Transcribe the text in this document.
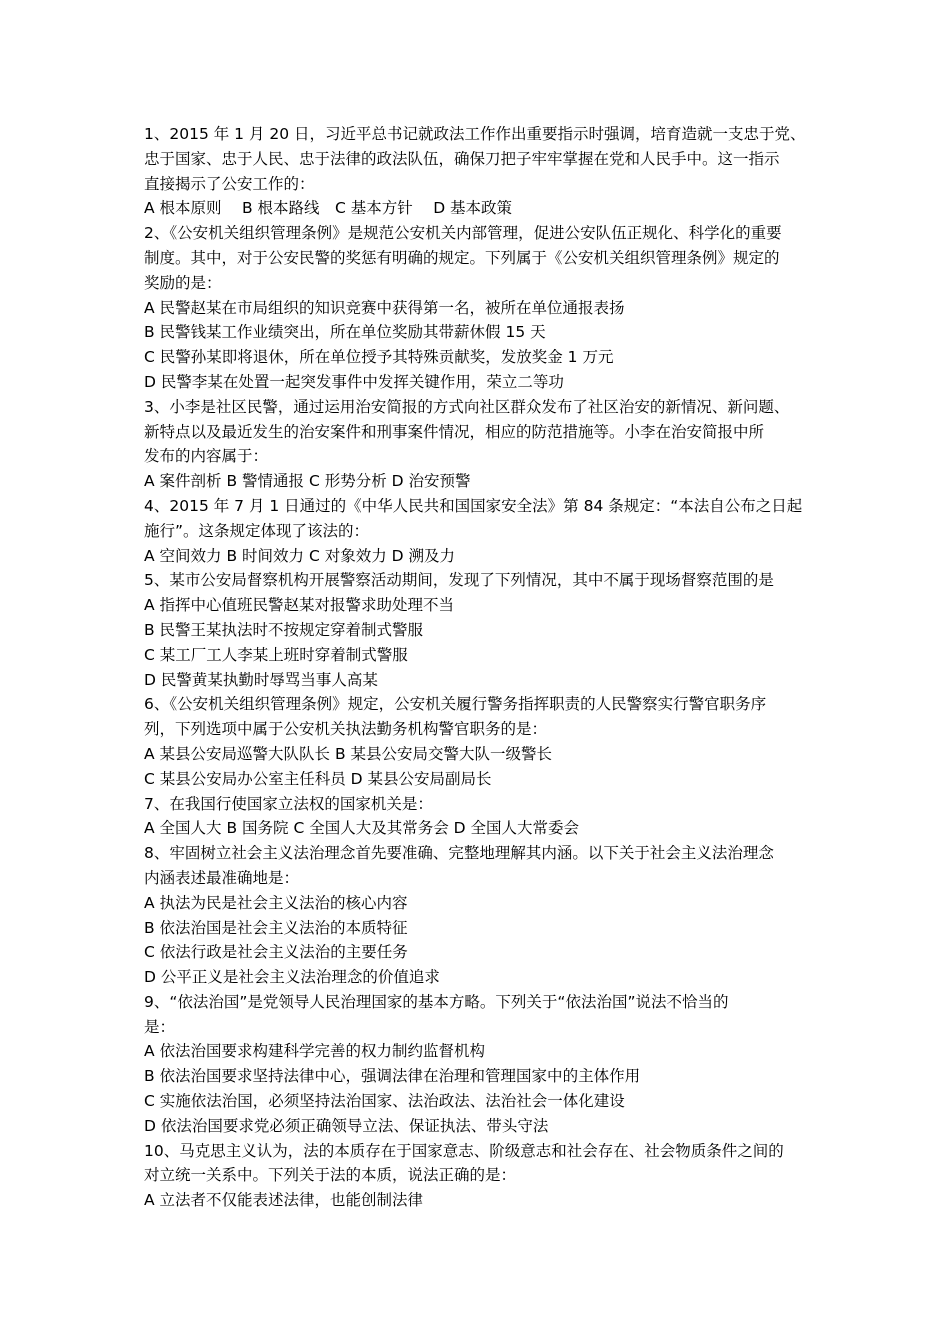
1、2015 年 1 月 20 日，习近平总书记就政法工作作出重要指示时强调，培育造就一支忠于党、
忠于国家、忠于人民、忠于法律的政法队伍，确保刀把子牢牢掌握在党和人民手中。这一指示
直接揭示了公安工作的：
A 根本原则　 B 根本路线　C 基本方针　 D 基本政策
2、《公安机关组织管理条例》是规范公安机关内部管理，促进公安队伍正规化、科学化的重要
制度。其中，对于公安民警的奖惩有明确的规定。下列属于《公安机关组织管理条例》规定的
奖励的是：
A 民警赵某在市局组织的知识竞赛中获得第一名，被所在单位通报表扬
B 民警钱某工作业绩突出，所在单位奖励其带薪休假 15 天
C 民警孙某即将退休，所在单位授予其特殊贡献奖，发放奖金 1 万元
D 民警李某在处置一起突发事件中发挥关键作用，荣立二等功
3、小李是社区民警，通过运用治安简报的方式向社区群众发布了社区治安的新情况、新问题、
新特点以及最近发生的治安案件和刑事案件情况，相应的防范措施等。小李在治安简报中所
发布的内容属于：
A 案件剖析 B 警情通报 C 形势分析 D 治安预警
4、2015 年 7 月 1 日通过的《中华人民共和国国家安全法》第 84 条规定：“本法自公布之日起
施行”。这条规定体现了该法的：
A 空间效力 B 时间效力 C 对象效力 D 溯及力
5、某市公安局督察机构开展警察活动期间，发现了下列情况，其中不属于现场督察范围的是
A 指挥中心值班民警赵某对报警求助处理不当
B 民警王某执法时不按规定穿着制式警服
C 某工厂工人李某上班时穿着制式警服
D 民警黄某执勤时辱骂当事人高某
6、《公安机关组织管理条例》规定，公安机关履行警务指挥职责的人民警察实行警官职务序
列，下列选项中属于公安机关执法勤务机构警官职务的是：
A 某县公安局巡警大队队长 B 某县公安局交警大队一级警长
C 某县公安局办公室主任科员 D 某县公安局副局长
7、在我国行使国家立法权的国家机关是：
A 全国人大 B 国务院 C 全国人大及其常务会 D 全国人大常委会
8、牢固树立社会主义法治理念首先要准确、完整地理解其内涵。以下关于社会主义法治理念
内涵表述最准确地是：
A 执法为民是社会主义法治的核心内容
B 依法治国是社会主义法治的本质特征
C 依法行政是社会主义法治的主要任务
D 公平正义是社会主义法治理念的价值追求
9、“依法治国”是党领导人民治理国家的基本方略。下列关于“依法治国”说法不恰当的
是：
A 依法治国要求构建科学完善的权力制约监督机构
B 依法治国要求坚持法律中心，强调法律在治理和管理国家中的主体作用
C 实施依法治国，必须坚持法治国家、法治政法、法治社会一体化建设
D 依法治国要求党必须正确领导立法、保证执法、带头守法
10、马克思主义认为，法的本质存在于国家意志、阶级意志和社会存在、社会物质条件之间的
对立统一关系中。下列关于法的本质，说法正确的是：
A 立法者不仅能表述法律，也能创制法律
